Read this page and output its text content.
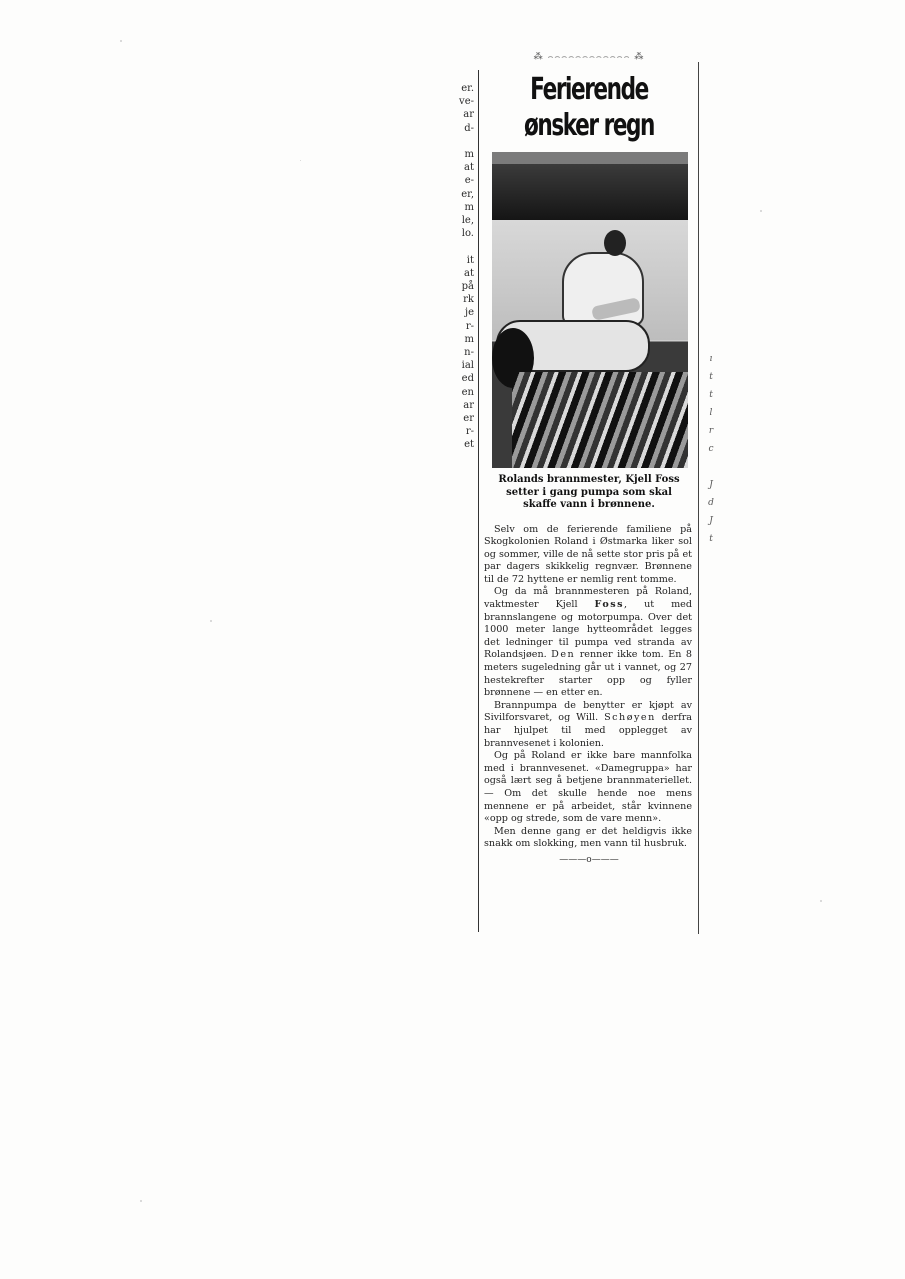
er.
ve-
ar
d-

m
at
e-
er,
m
le,
lo.

it
at
på
rk
je
r-
m
n-
ial
ed
en
ar
er
r-
et
ı
t
t
l
r
c

J
d
J
t
⁂ ⌢⌢⌢⌢⌢⌢⌢⌢⌢⌢⌢⌢ ⁂
Ferierende
ønsker regn
Rolands brannmester, Kjell Foss setter i gang pumpa som skal skaffe vann i brønnene.

Selv om de ferierende familiene på Skogkolonien Roland i Østmarka liker sol og sommer, ville de nå sette stor pris på et par dagers skikkelig regnvær. Brønnene til de 72 hyttene er nemlig rent tomme.

Og da må brannmesteren på Roland, vaktmester Kjell Foss, ut med brannslangene og motorpumpa. Over det 1000 meter lange hytteområdet legges det ledninger til pumpa ved stranda av Rolandsjøen. Den renner ikke tom. En 8 meters sugeledning går ut i vannet, og 27 hestekrefter starter opp og fyller brønnene — en etter en.

Brannpumpa de benytter er kjøpt av Sivilforsvaret, og Will. Schøyen derfra har hjulpet til med opplegget av brannvesenet i kolonien.

Og på Roland er ikke bare mannfolka med i brannvesenet. «Damegruppa» har også lært seg å betjene brannmateriellet. — Om det skulle hende noe mens mennene er på arbeidet, står kvinnene «opp og strede, som de vare menn».

Men denne gang er det heldigvis ikke snakk om slokking, men vann til husbruk.

———o———
